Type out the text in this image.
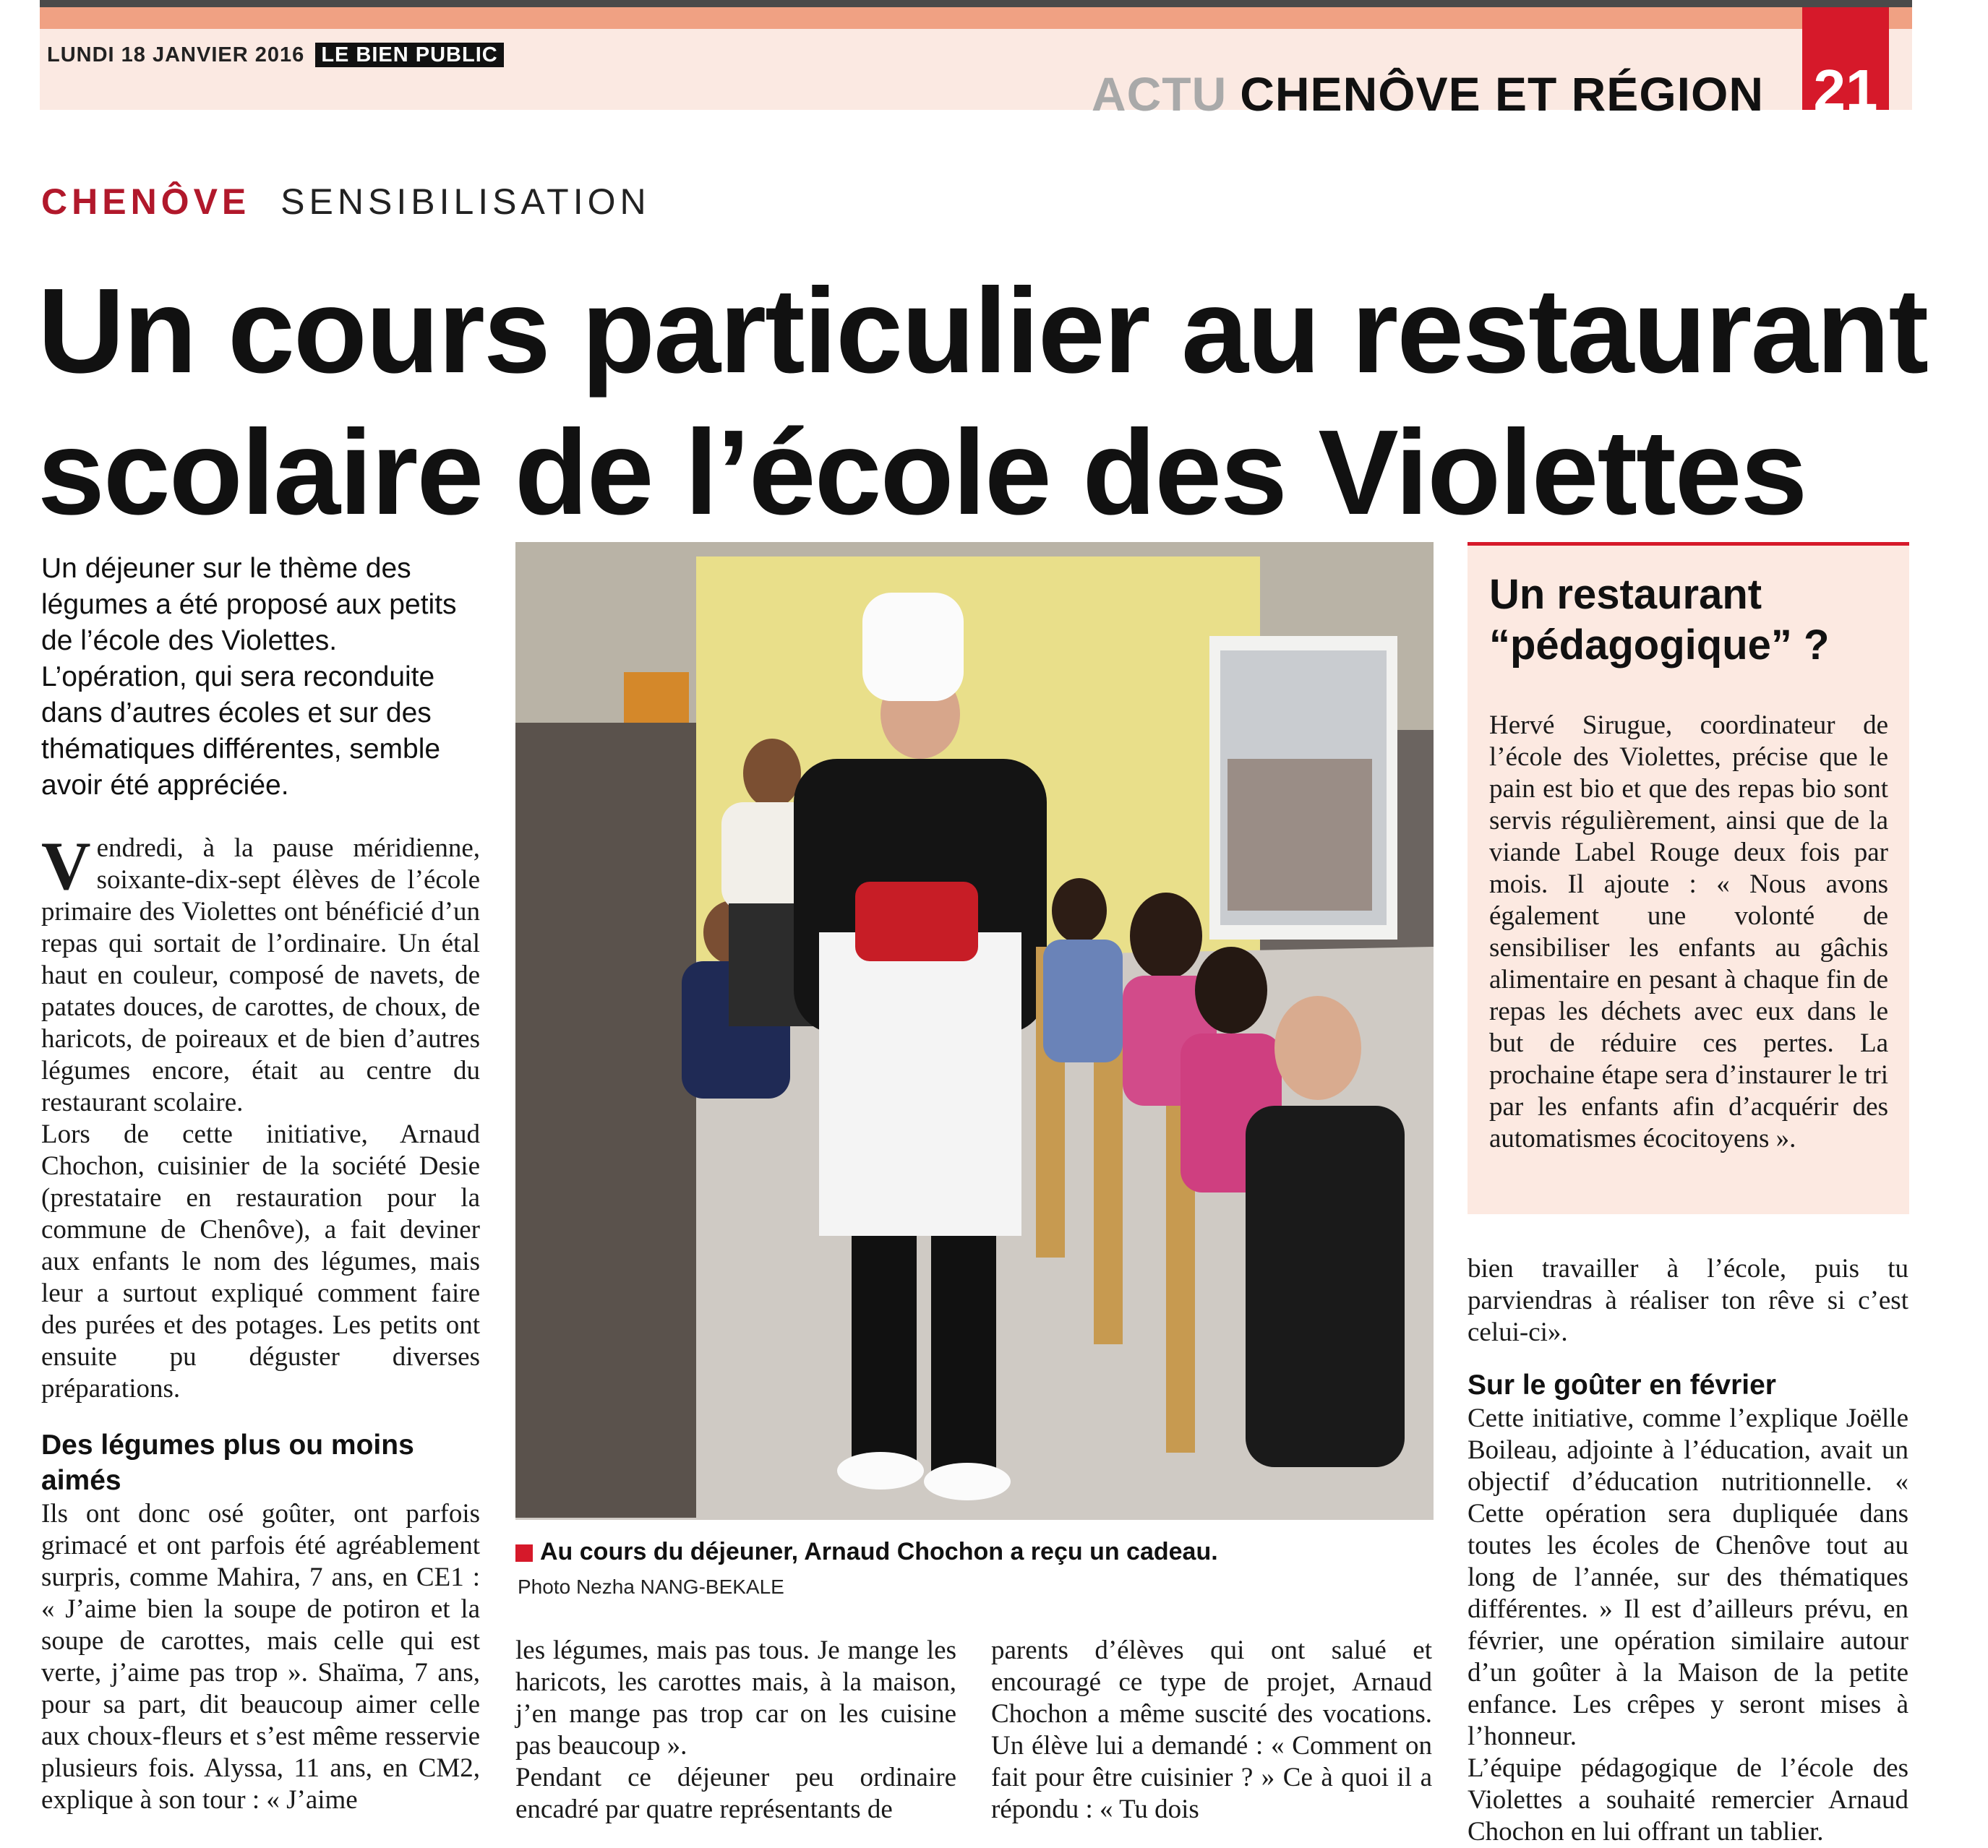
LUNDI 18 JANVIER 2016 LE BIEN PUBLIC
ACTU CHENÔVE ET RÉGION 21
CHENÔVE SENSIBILISATION
Un cours particulier au restaurant
scolaire de l’école des Violettes
Un déjeuner sur le thème des légumes a été proposé aux petits de l’école des Violettes. L’opération, qui sera reconduite dans d’autres écoles et sur des thématiques différentes, semble avoir été appréciée.

Vendredi, à la pause méridienne, soixante-dix-sept élèves de l’école primaire des Violettes ont bénéficié d’un repas qui sortait de l’ordinaire. Un étal haut en couleur, composé de navets, de patates douces, de carottes, de choux, de haricots, de poireaux et de bien d’autres légumes encore, était au centre du restaurant scolaire.

Lors de cette initiative, Arnaud Chochon, cuisinier de la société Desie (prestataire en restauration pour la commune de Chenôve), a fait deviner aux enfants le nom des légumes, mais leur a surtout expliqué comment faire des purées et des potages. Les petits ont ensuite pu déguster diverses préparations.

Des légumes plus ou moins aimés

Ils ont donc osé goûter, ont parfois grimacé et ont parfois été agréablement surpris, comme Mahira, 7 ans, en CE1 : « J’aime bien la soupe de potiron et la soupe de carottes, mais celle qui est verte, j’aime pas trop ». Shaïma, 7 ans, pour sa part, dit beaucoup aimer celle aux choux-fleurs et s’est même resservie plusieurs fois. Alyssa, 11 ans, en CM2, explique à son tour : « J’aime

Au cours du déjeuner, Arnaud Chochon a reçu un cadeau.
Photo Nezha NANG-BEKALE

les légumes, mais pas tous. Je mange les haricots, les carottes mais, à la maison, j’en mange pas trop car on les cuisine pas beaucoup ».

Pendant ce déjeuner peu ordinaire encadré par quatre représentants de

parents d’élèves qui ont salué et encouragé ce type de projet, Arnaud Chochon a même suscité des vocations. Un élève lui a demandé : « Comment on fait pour être cuisinier ? » Ce à quoi il a répondu : « Tu dois

Un restaurant
“pédagogique” ?
Hervé Sirugue, coordinateur de l’école des Violettes, précise que le pain est bio et que des repas bio sont servis régulièrement, ainsi que de la viande Label Rouge deux fois par mois. Il ajoute : « Nous avons également une volonté de sensibiliser les enfants au gâchis alimentaire en pesant à chaque fin de repas les déchets avec eux dans le but de réduire ces pertes. La prochaine étape sera d’instaurer le tri par les enfants afin d’acquérir des automatismes écocitoyens ».

bien travailler à l’école, puis tu parviendras à réaliser ton rêve si c’est celui-ci».

Sur le goûter en février

Cette initiative, comme l’explique Joëlle Boileau, adjointe à l’éducation, avait un objectif d’éducation nutritionnelle. « Cette opération sera dupliquée dans toutes les écoles de Chenôve tout au long de l’année, sur des thématiques différentes. » Il est d’ailleurs prévu, en février, une opération similaire autour d’un goûter à la Maison de la petite enfance. Les crêpes y seront mises à l’honneur.

L’équipe pédagogique de l’école des Violettes a souhaité remercier Arnaud Chochon en lui offrant un tablier.
